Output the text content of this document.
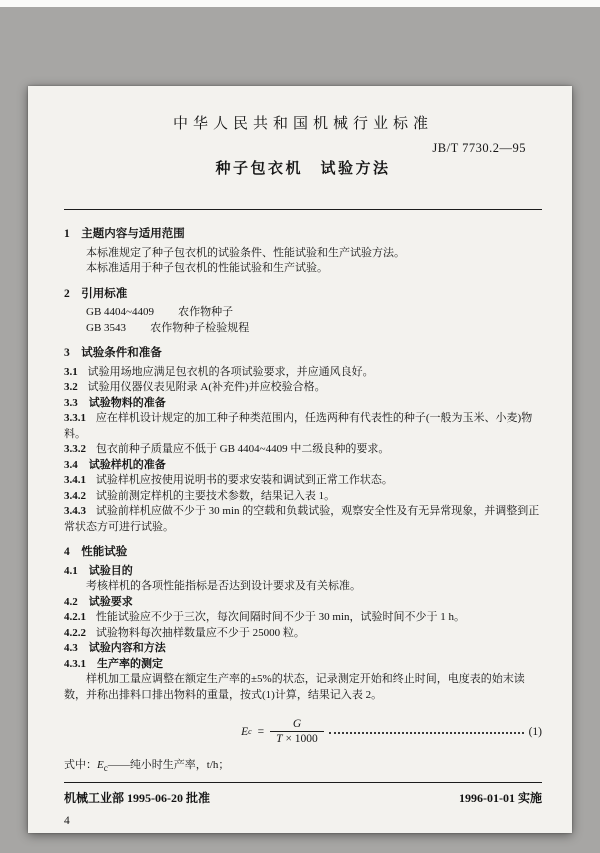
中华人民共和国机械行业标准
JB/T 7730.2—95
种子包衣机　试验方法
1 主题内容与适用范围
本标准规定了种子包衣机的试验条件、性能试验和生产试验方法。
本标准适用于种子包衣机的性能试验和生产试验。
2 引用标准
GB 4404~4409 农作物种子
GB 3543 农作物种子检验规程
3 试验条件和准备
3.1 试验用场地应满足包衣机的各项试验要求，并应通风良好。
3.2 试验用仪器仪表见附录 A(补充件)并应校验合格。
3.3 试验物料的准备
3.3.1 应在样机设计规定的加工种子种类范围内，任选两种有代表性的种子(一般为玉米、小麦)物料。
3.3.2 包衣前种子质量应不低于 GB 4404~4409 中二级良种的要求。
3.4 试验样机的准备
3.4.1 试验样机应按使用说明书的要求安装和调试到正常工作状态。
3.4.2 试验前测定样机的主要技术参数，结果记入表 1。
3.4.3 试验前样机应做不少于 30 min 的空载和负载试验，观察安全性及有无异常现象，并调整到正常状态方可进行试验。
4 性能试验
4.1 试验目的
考核样机的各项性能指标是否达到设计要求及有关标准。
4.2 试验要求
4.2.1 性能试验应不少于三次，每次间隔时间不少于 30 min，试验时间不少于 1 h。
4.2.2 试验物料每次抽样数量应不少于 25000 粒。
4.3 试验内容和方法
4.3.1 生产率的测定
样机加工量应调整在额定生产率的±5%的状态，记录测定开始和终止时间，电度表的始末读数，并称出排料口排出物料的重量，按式(1)计算，结果记入表 2。
E $c = \frac{G}{T \times 1000}$	(1)
式中：$E_c——$纯小时生产率，t/h；
机械工业部 1995-06-20 批准	1996-01-01 实施
4
